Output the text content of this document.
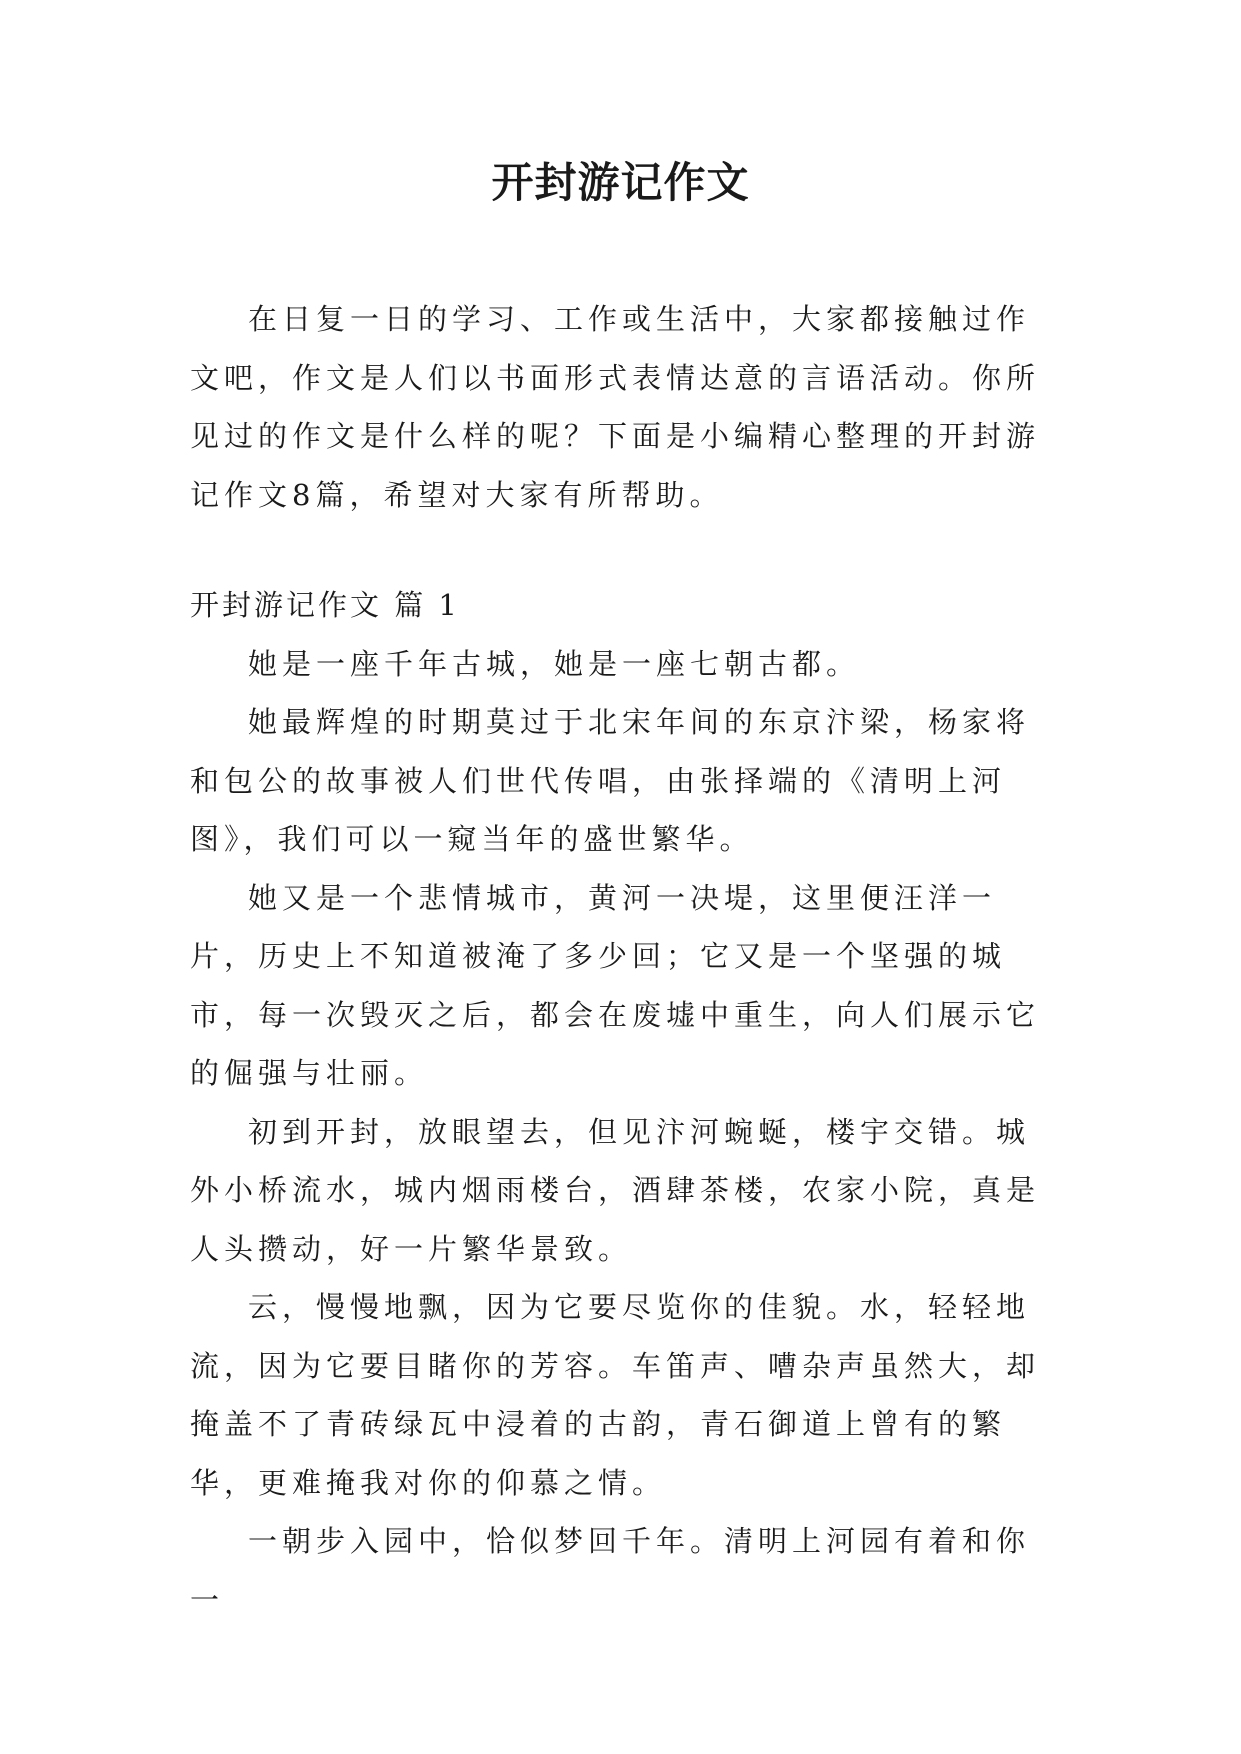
开封游记作文

在日复一日的学习、工作或生活中，大家都接触过作文吧，作文是人们以书面形式表情达意的言语活动。你所见过的作文是什么样的呢？下面是小编精心整理的开封游记作文8篇，希望对大家有所帮助。

开封游记作文 篇 1

她是一座千年古城，她是一座七朝古都。

她最辉煌的时期莫过于北宋年间的东京汴梁，杨家将和包公的故事被人们世代传唱，由张择端的《清明上河图》，我们可以一窥当年的盛世繁华。

她又是一个悲情城市，黄河一决堤，这里便汪洋一片，历史上不知道被淹了多少回；它又是一个坚强的城市，每一次毁灭之后，都会在废墟中重生，向人们展示它的倔强与壮丽。

初到开封，放眼望去，但见汴河蜿蜒，楼宇交错。城外小桥流水，城内烟雨楼台，酒肆茶楼，农家小院，真是人头攒动，好一片繁华景致。

云，慢慢地飘，因为它要尽览你的佳貌。水，轻轻地流，因为它要目睹你的芳容。车笛声、嘈杂声虽然大，却掩盖不了青砖绿瓦中浸着的古韵，青石御道上曾有的繁华，更难掩我对你的仰慕之情。

一朝步入园中，恰似梦回千年。清明上河园有着和你一
